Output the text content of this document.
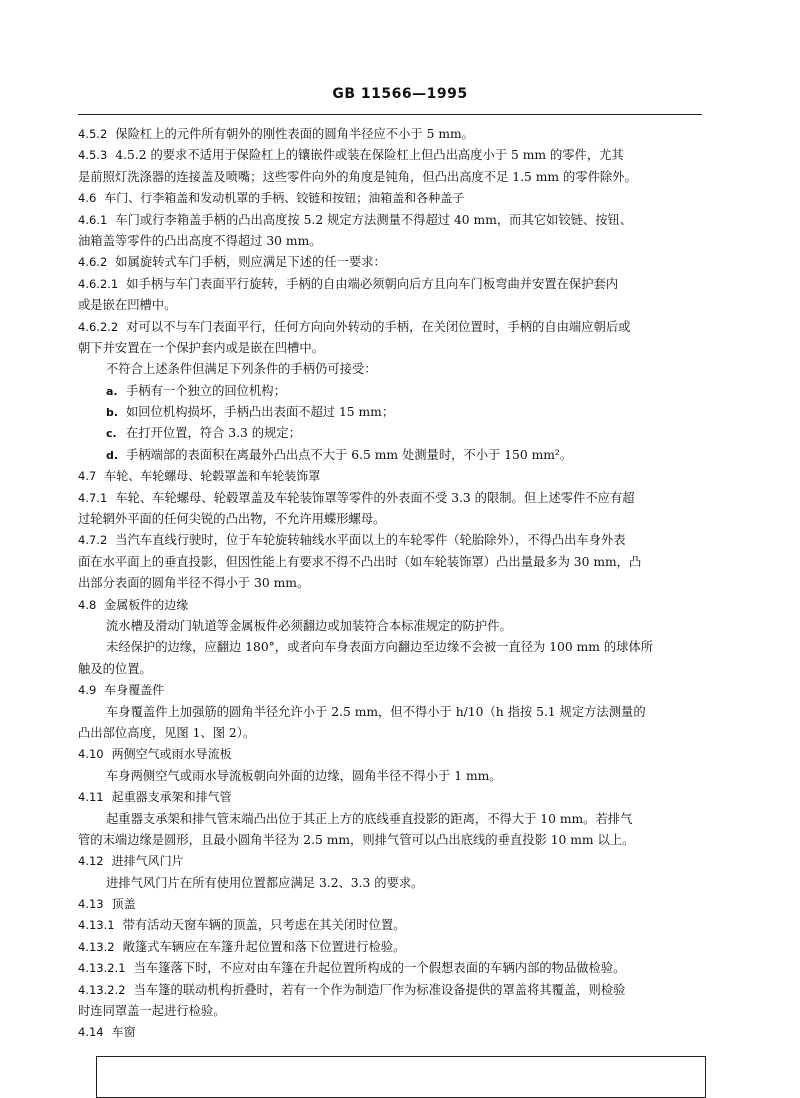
GB 11566—1995
4.5.2 保险杠上的元件所有朝外的刚性表面的圆角半径应不小于 5 mm。
4.5.3 4.5.2 的要求不适用于保险杠上的镶嵌件或装在保险杠上但凸出高度小于 5 mm 的零件，尤其
是前照灯洗涤器的连接盖及喷嘴；这些零件向外的角度是钝角，但凸出高度不足 1.5 mm 的零件除外。
4.6 车门、行李箱盖和发动机罩的手柄、铰链和按钮；油箱盖和各种盖子
4.6.1 车门或行李箱盖手柄的凸出高度按 5.2 规定方法测量不得超过 40 mm，而其它如铰链、按钮、
油箱盖等零件的凸出高度不得超过 30 mm。
4.6.2 如属旋转式车门手柄，则应满足下述的任一要求：
4.6.2.1 如手柄与车门表面平行旋转，手柄的自由端必须朝向后方且向车门板弯曲并安置在保护套内
或是嵌在凹槽中。
4.6.2.2 对可以不与车门表面平行，任何方向向外转动的手柄，在关闭位置时，手柄的自由端应朝后或
朝下并安置在一个保护套内或是嵌在凹槽中。
不符合上述条件但满足下列条件的手柄仍可接受：
a. 手柄有一个独立的回位机构；
b. 如回位机构损坏，手柄凸出表面不超过 15 mm；
c. 在打开位置，符合 3.3 的规定；
d. 手柄端部的表面积在离最外凸出点不大于 6.5 mm 处测量时，不小于 150 mm²。
4.7 车轮、车轮螺母、轮毂罩盖和车轮装饰罩
4.7.1 车轮、车轮螺母、轮毂罩盖及车轮装饰罩等零件的外表面不受 3.3 的限制。但上述零件不应有超
过轮辋外平面的任何尖锐的凸出物，不允许用蝶形螺母。
4.7.2 当汽车直线行驶时，位于车轮旋转轴线水平面以上的车轮零件（轮胎除外），不得凸出车身外表
面在水平面上的垂直投影，但因性能上有要求不得不凸出时（如车轮装饰罩）凸出量最多为 30 mm，凸
出部分表面的圆角半径不得小于 30 mm。
4.8 金属板件的边缘
流水槽及滑动门轨道等金属板件必须翻边或加装符合本标准规定的防护件。
未经保护的边缘，应翻边 180°，或者向车身表面方向翻边至边缘不会被一直径为 100 mm 的球体所
触及的位置。
4.9 车身覆盖件
车身覆盖件上加强筋的圆角半径允许小于 2.5 mm，但不得小于 h/10（h 指按 5.1 规定方法测量的
凸出部位高度，见图 1、图 2）。
4.10 两侧空气或雨水导流板
车身两侧空气或雨水导流板朝向外面的边缘，圆角半径不得小于 1 mm。
4.11 起重器支承架和排气管
起重器支承架和排气管末端凸出位于其正上方的底线垂直投影的距离，不得大于 10 mm。若排气
管的末端边缘是圆形，且最小圆角半径为 2.5 mm，则排气管可以凸出底线的垂直投影 10 mm 以上。
4.12 进排气风门片
进排气风门片在所有使用位置都应满足 3.2、3.3 的要求。
4.13 顶盖
4.13.1 带有活动天窗车辆的顶盖，只考虑在其关闭时位置。
4.13.2 敞篷式车辆应在车篷升起位置和落下位置进行检验。
4.13.2.1 当车篷落下时，不应对由车篷在升起位置所构成的一个假想表面的车辆内部的物品做检验。
4.13.2.2 当车篷的联动机构折叠时，若有一个作为制造厂作为标准设备提供的罩盖将其覆盖，则检验
时连同罩盖一起进行检验。
4.14 车窗
